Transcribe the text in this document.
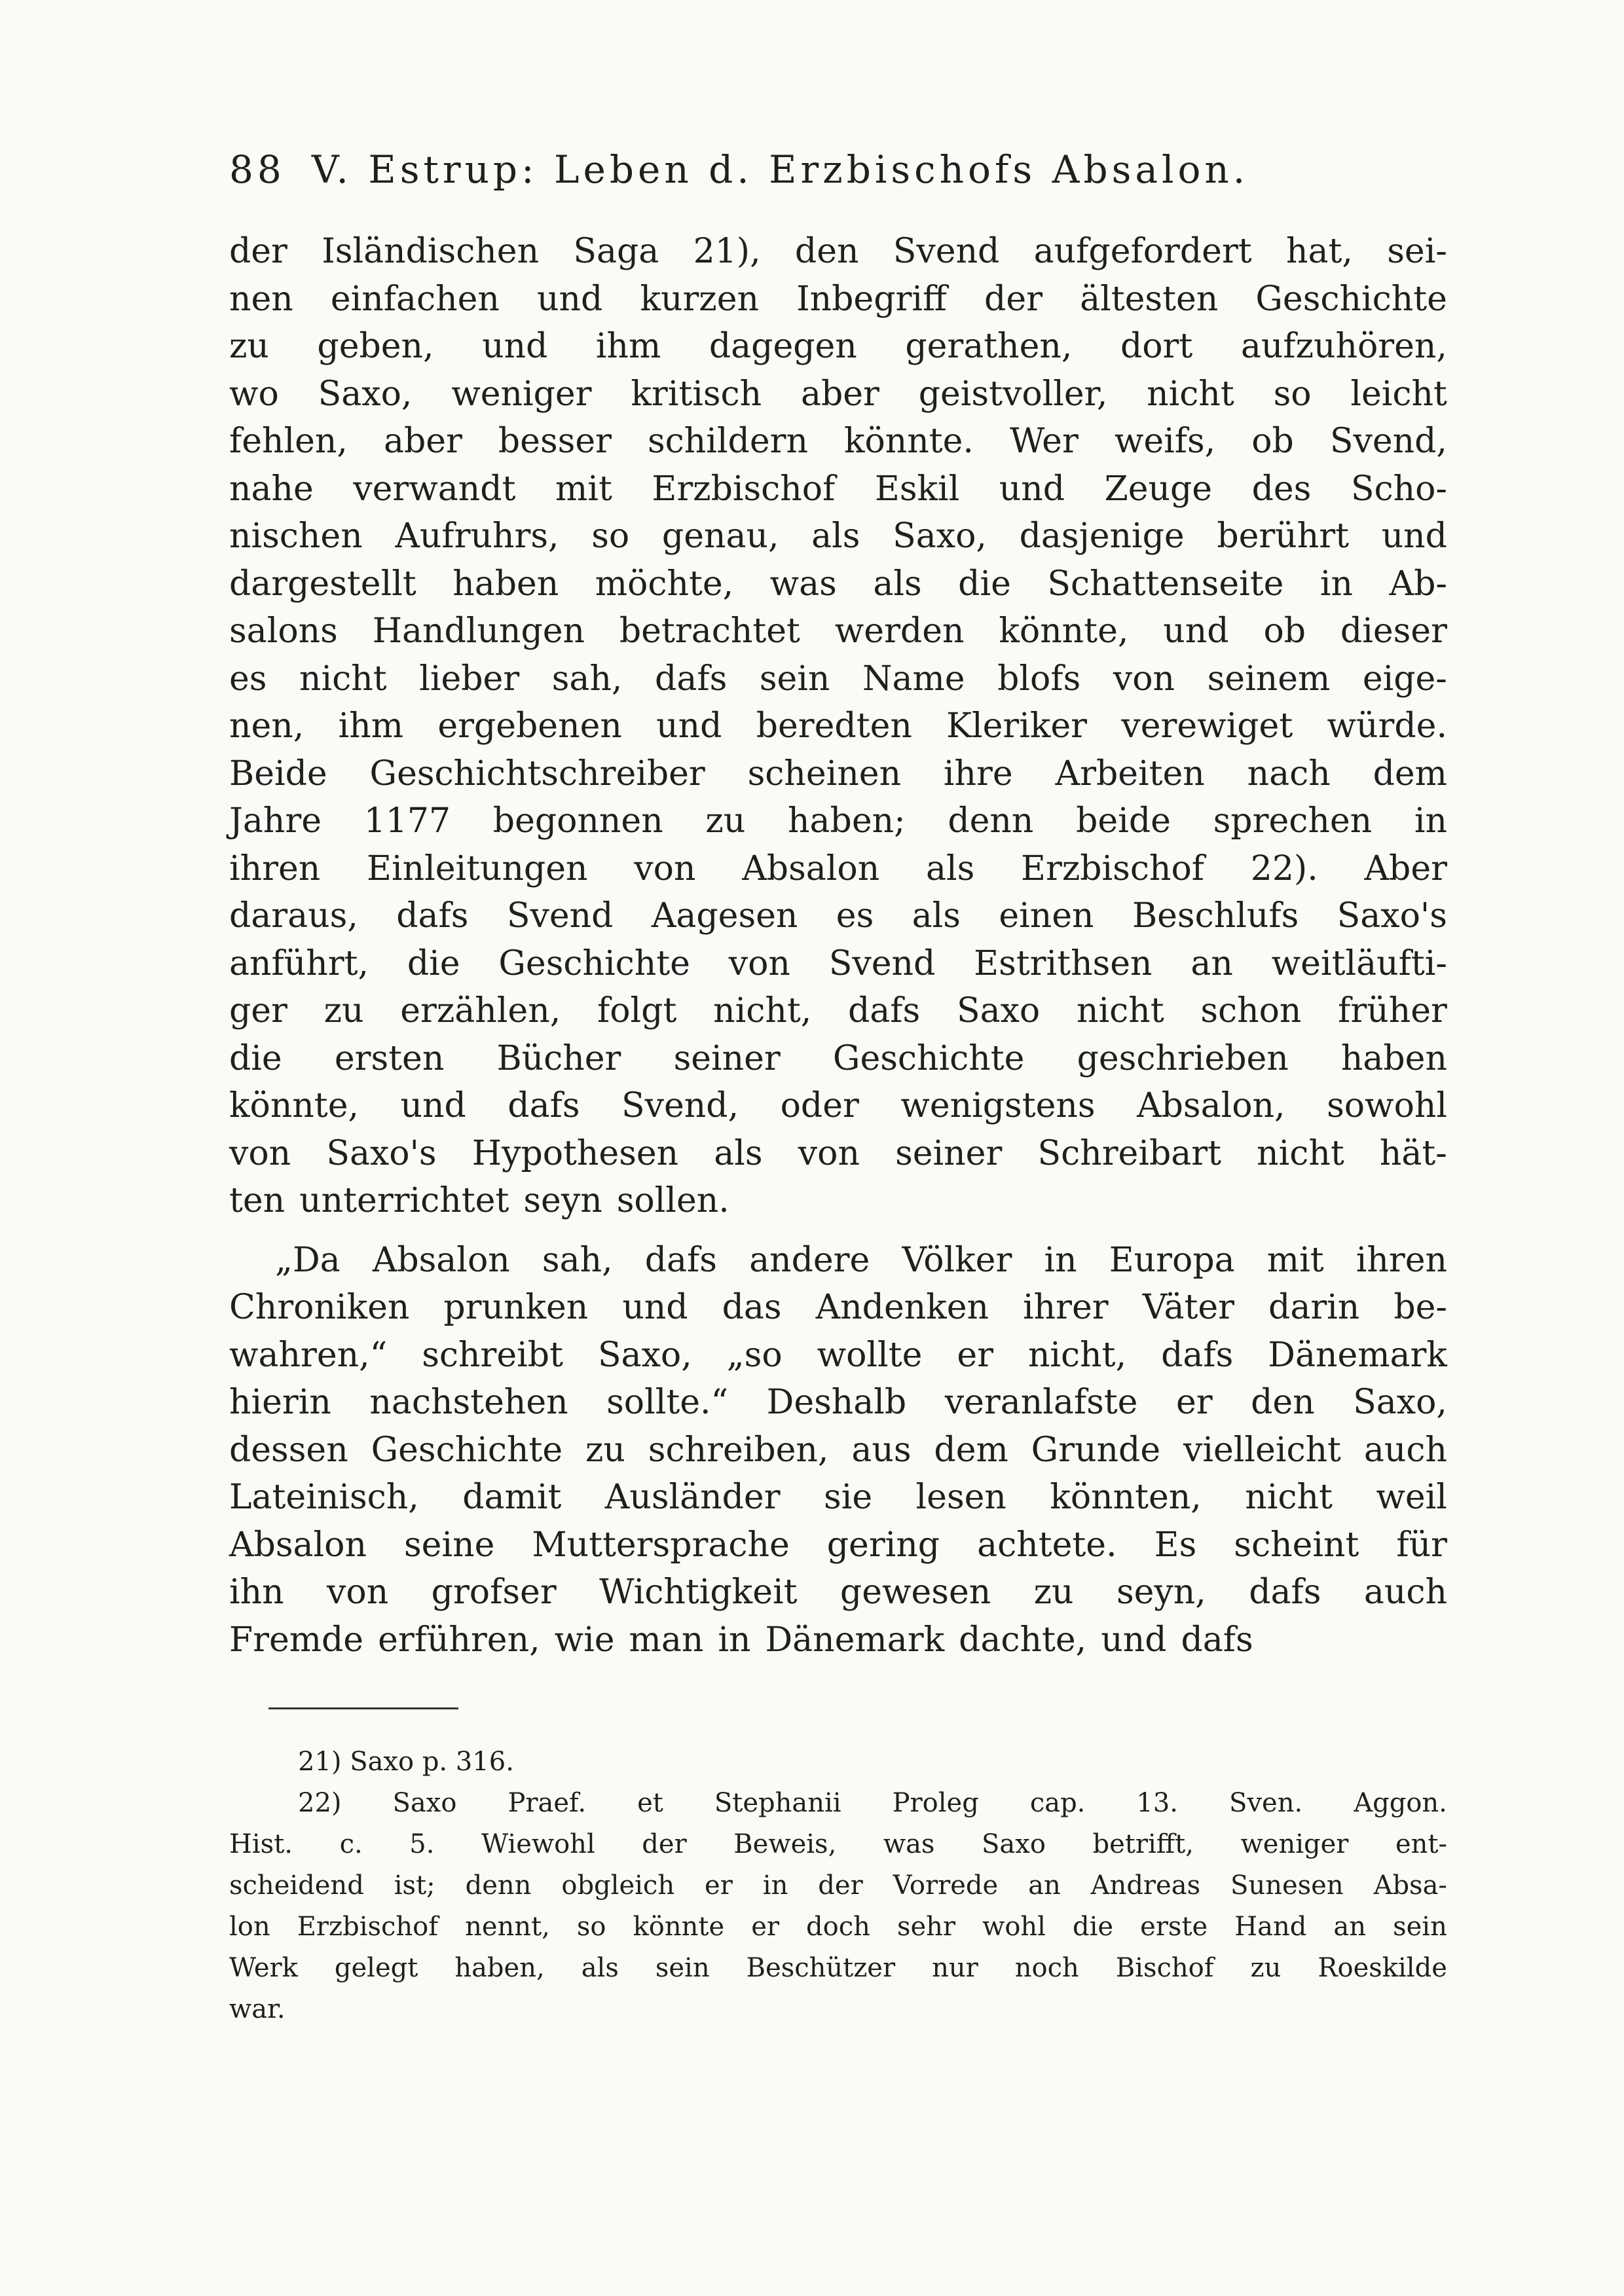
88 V. Estrup: Leben d. Erzbischofs Absalon.
der Isländischen Saga 21), den Svend aufgefordert hat, sei-
nen einfachen und kurzen Inbegriff der ältesten Geschichte
zu geben, und ihm dagegen gerathen, dort aufzuhören,
wo Saxo, weniger kritisch aber geistvoller, nicht so leicht
fehlen, aber besser schildern könnte. Wer weifs, ob Svend,
nahe verwandt mit Erzbischof Eskil und Zeuge des Scho-
nischen Aufruhrs, so genau, als Saxo, dasjenige berührt und
dargestellt haben möchte, was als die Schattenseite in Ab-
salons Handlungen betrachtet werden könnte, und ob dieser
es nicht lieber sah, dafs sein Name blofs von seinem eige-
nen, ihm ergebenen und beredten Kleriker verewiget würde.
Beide Geschichtschreiber scheinen ihre Arbeiten nach dem
Jahre 1177 begonnen zu haben; denn beide sprechen in
ihren Einleitungen von Absalon als Erzbischof 22). Aber
daraus, dafs Svend Aagesen es als einen Beschlufs Saxo's
anführt, die Geschichte von Svend Estrithsen an weitläufti-
ger zu erzählen, folgt nicht, dafs Saxo nicht schon früher
die ersten Bücher seiner Geschichte geschrieben haben
könnte, und dafs Svend, oder wenigstens Absalon, sowohl
von Saxo's Hypothesen als von seiner Schreibart nicht hät-
ten unterrichtet seyn sollen.
„Da Absalon sah, dafs andere Völker in Europa mit ihren
Chroniken prunken und das Andenken ihrer Väter darin be-
wahren,“ schreibt Saxo, „so wollte er nicht, dafs Dänemark
hierin nachstehen sollte.“ Deshalb veranlafste er den Saxo,
dessen Geschichte zu schreiben, aus dem Grunde vielleicht auch
Lateinisch, damit Ausländer sie lesen könnten, nicht weil
Absalon seine Muttersprache gering achtete. Es scheint für
ihn von grofser Wichtigkeit gewesen zu seyn, dafs auch
Fremde erführen, wie man in Dänemark dachte, und dafs
21) Saxo p. 316.
22) Saxo Praef. et Stephanii Proleg cap. 13. Sven. Aggon.
Hist. c. 5. Wiewohl der Beweis, was Saxo betrifft, weniger ent-
scheidend ist; denn obgleich er in der Vorrede an Andreas Sunesen Absa-
lon Erzbischof nennt, so könnte er doch sehr wohl die erste Hand an sein
Werk gelegt haben, als sein Beschützer nur noch Bischof zu Roeskilde
war.
